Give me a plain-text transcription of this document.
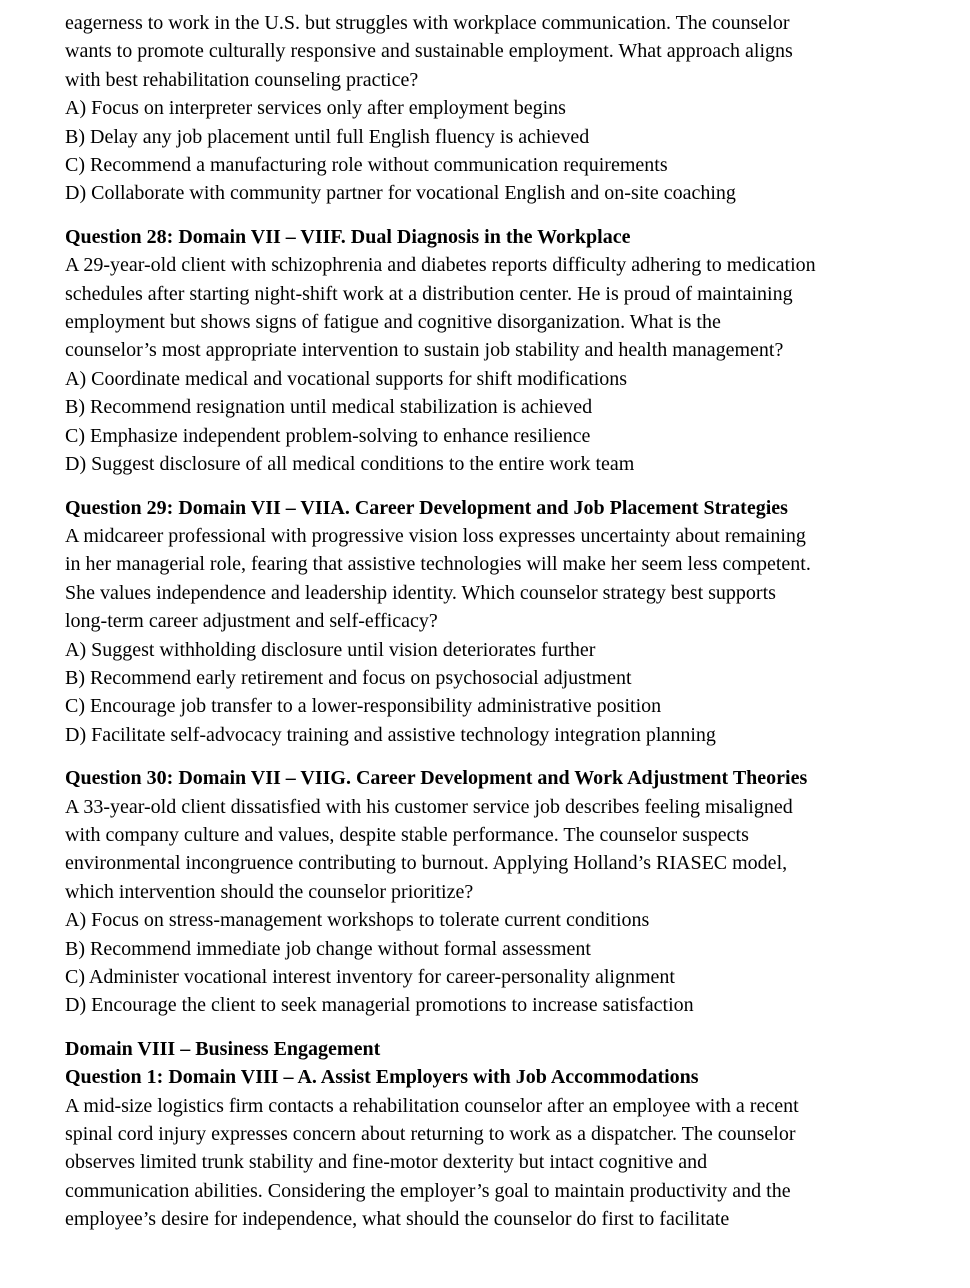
eagerness to work in the U.S. but struggles with workplace communication. The counselor
wants to promote culturally responsive and sustainable employment. What approach aligns
with best rehabilitation counseling practice?
A) Focus on interpreter services only after employment begins
B) Delay any job placement until full English fluency is achieved
C) Recommend a manufacturing role without communication requirements
D) Collaborate with community partner for vocational English and on-site coaching
Question 28: Domain VII – VIIF. Dual Diagnosis in the Workplace
A 29-year-old client with schizophrenia and diabetes reports difficulty adhering to medication
schedules after starting night-shift work at a distribution center. He is proud of maintaining
employment but shows signs of fatigue and cognitive disorganization. What is the
counselor’s most appropriate intervention to sustain job stability and health management?
A) Coordinate medical and vocational supports for shift modifications
B) Recommend resignation until medical stabilization is achieved
C) Emphasize independent problem-solving to enhance resilience
D) Suggest disclosure of all medical conditions to the entire work team
Question 29: Domain VII – VIIA. Career Development and Job Placement Strategies
A midcareer professional with progressive vision loss expresses uncertainty about remaining
in her managerial role, fearing that assistive technologies will make her seem less competent.
She values independence and leadership identity. Which counselor strategy best supports
long-term career adjustment and self-efficacy?
A) Suggest withholding disclosure until vision deteriorates further
B) Recommend early retirement and focus on psychosocial adjustment
C) Encourage job transfer to a lower-responsibility administrative position
D) Facilitate self-advocacy training and assistive technology integration planning
Question 30: Domain VII – VIIG. Career Development and Work Adjustment Theories
A 33-year-old client dissatisfied with his customer service job describes feeling misaligned
with company culture and values, despite stable performance. The counselor suspects
environmental incongruence contributing to burnout. Applying Holland’s RIASEC model,
which intervention should the counselor prioritize?
A) Focus on stress-management workshops to tolerate current conditions
B) Recommend immediate job change without formal assessment
C) Administer vocational interest inventory for career-personality alignment
D) Encourage the client to seek managerial promotions to increase satisfaction
Domain VIII – Business Engagement
Question 1: Domain VIII – A. Assist Employers with Job Accommodations
A mid-size logistics firm contacts a rehabilitation counselor after an employee with a recent
spinal cord injury expresses concern about returning to work as a dispatcher. The counselor
observes limited trunk stability and fine-motor dexterity but intact cognitive and
communication abilities. Considering the employer’s goal to maintain productivity and the
employee’s desire for independence, what should the counselor do first to facilitate
